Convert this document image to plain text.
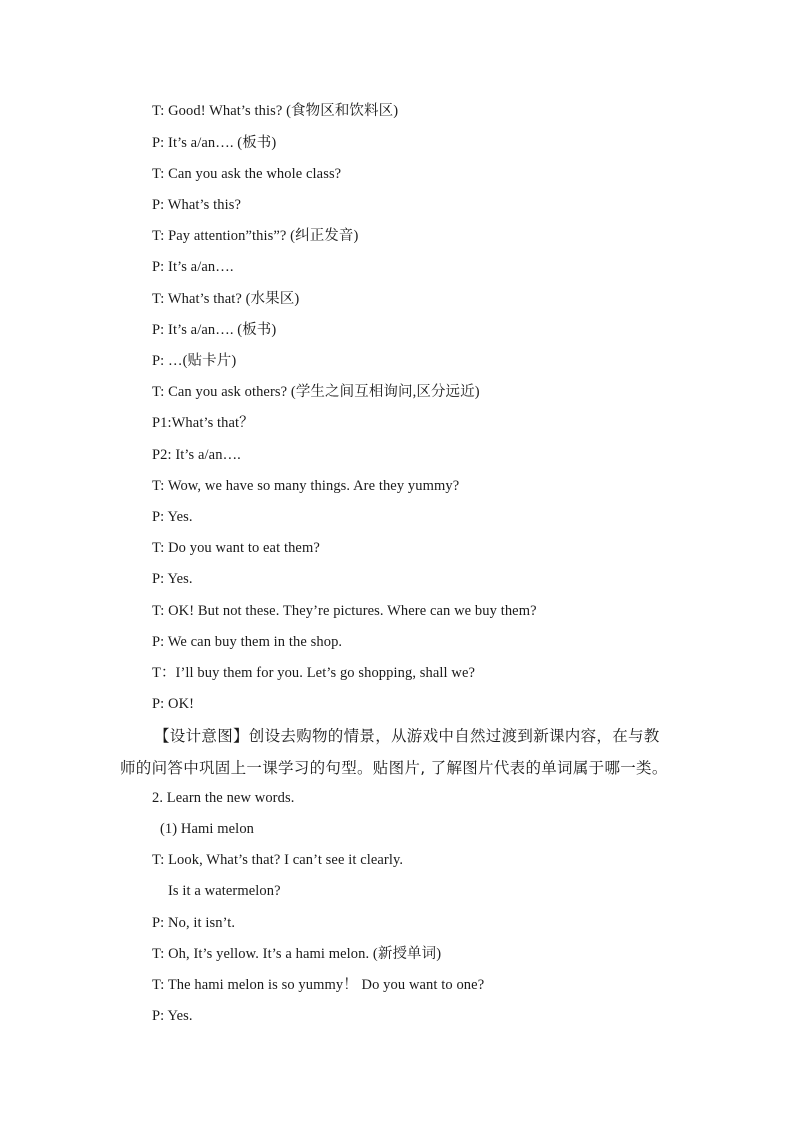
T: Good! What’s this? (食物区和饮料区)
P: It’s a/an…. (板书)
T: Can you ask the whole class?
P: What’s this?
T: Pay attention”this”? (纠正发音)
P: It’s a/an….
T: What’s that? (水果区)
P: It’s a/an…. (板书)
P: …(贴卡片)
T: Can you ask others? (学生之间互相询问,区分远近)
P1:What’s that？
P2: It’s a/an….
T: Wow, we have so many things. Are they yummy?
P: Yes.
T: Do you want to eat them?
P: Yes.
T: OK! But not these. They’re pictures. Where can we buy them?
P: We can buy them in the shop.
T：I’ll buy them for you. Let’s go shopping, shall we?
P: OK!
【设计意图】创设去购物的情景，从游戏中自然过渡到新课内容，在与教
师的问答中巩固上一课学习的句型。贴图片, 了解图片代表的单词属于哪一类。
2. Learn the new words.
(1) Hami melon
T: Look, What’s that? I can’t see it clearly.
Is it a watermelon?
P: No, it isn’t.
T: Oh, It’s yellow. It’s a hami melon. (新授单词)
T: The hami melon is so yummy！ Do you want to one?
P: Yes.
